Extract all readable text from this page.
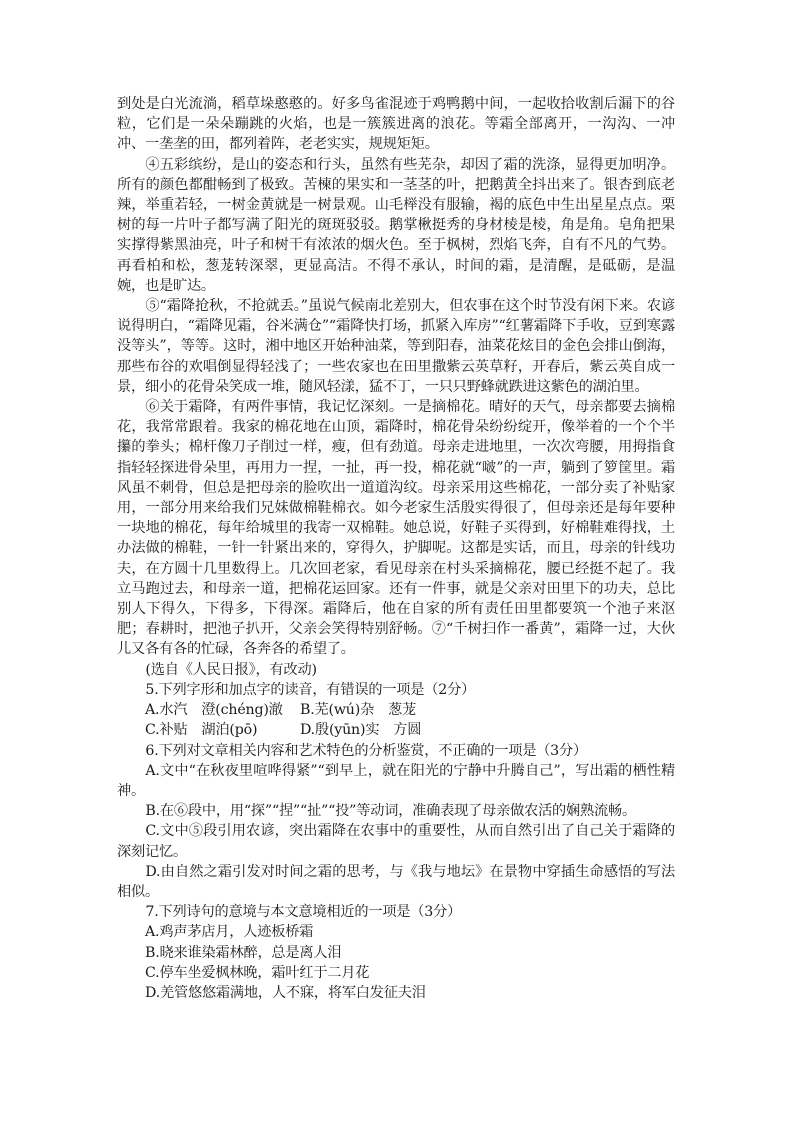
到处是白光流淌，稻草垛憨憨的。好多鸟雀混迹于鸡鸭鹅中间，一起收拾收割后漏下的谷粒，它们是一朵朵蹦跳的火焰，也是一簇簇进离的浪花。等霜全部离开，一沟沟、一冲冲、一垄垄的田，都列着阵，老老实实，规规矩矩。

④五彩缤纷，是山的姿态和行头，虽然有些芜杂，却因了霜的洗涤，显得更加明净。所有的颜色都酣畅到了极致。苦楝的果实和一茎茎的叶，把鹅黄全抖出来了。银杏到底老辣，举重若轻，一树金黄就是一树景观。山毛榉没有服输，褐的底色中生出星星点点。栗树的每一片叶子都写满了阳光的斑斑驳驳。鹅掌楸挺秀的身材棱是棱，角是角。皂角把果实撑得紫黑油亮，叶子和树干有浓浓的烟火色。至于枫树，烈焰飞奔，自有不凡的气势。再看柏和松，葱茏转深翠，更显高洁。不得不承认，时间的霜，是清醒，是砥砺，是温婉，也是旷达。

⑤“霜降抢秋，不抢就丢。”虽说气候南北差别大，但农事在这个时节没有闲下来。农谚说得明白，“霜降见霜，谷米满仓”“霜降快打场，抓紧入库房”“红薯霜降下手收，豆到寒露没等头”，等等。这时，湘中地区开始种油菜，等到阳春，油菜花炫目的金色会排山倒海，那些布谷的欢唱倒显得轻浅了；一些农家也在田里撒紫云英草籽，开春后，紫云英自成一景，细小的花骨朵笑成一堆，随风轻漾，猛不丁，一只只野蜂就跌进这紫色的湖泊里。

⑥关于霜降，有两件事情，我记忆深刻。一是摘棉花。晴好的天气，母亲都要去摘棉花，我常常跟着。我家的棉花地在山顶，霜降时，棉花骨朵纷纷绽开，像举着的一个个半攥的拳头；棉杆像刀子削过一样，瘦，但有劲道。母亲走进地里，一次次弯腰，用拇指食指轻轻探进骨朵里，再用力一捏，一扯，再一投，棉花就“啵”的一声，躺到了箩筐里。霜风虽不刺骨，但总是把母亲的脸吹出一道道沟纹。母亲采用这些棉花，一部分卖了补贴家用，一部分用来给我们兄妹做棉鞋棉衣。如今老家生活殷实得很了，但母亲还是每年要种一块地的棉花，每年给城里的我寄一双棉鞋。她总说，好鞋子买得到，好棉鞋难得找，土办法做的棉鞋，一针一针紧出来的，穿得久，护脚呢。这都是实话，而且，母亲的针线功夫，在方圆十几里数得上。几次回老家，看见母亲在村头采摘棉花，腰已经挺不起了。我立马跑过去，和母亲一道，把棉花运回家。还有一件事，就是父亲对田里下的功夫，总比别人下得久，下得多，下得深。霜降后，他在自家的所有责任田里都要筑一个池子来沤肥；春耕时，把池子扒开，父亲会笑得特别舒畅。⑦“千树扫作一番黄”，霜降一过，大伙儿又各有各的忙碌，各奔各的希望了。

(选自《人民日报》，有改动)

5.下列字形和加点字的读音，有错误的一项是（2分）

A.水汽　澄(chéng)澈	B.芜(wú)杂　葱茏
C.补贴　湖泊(pō)	D.殷(yūn)实　方圆

6.下列对文章相关内容和艺术特色的分析鉴赏，不正确的一项是（3分）

A.文中“在秋夜里喧哗得紧”“到早上，就在阳光的宁静中升腾自己”，写出霜的栖性精神。

B.在⑥段中，用“探”“捏”“扯”“投”等动词，准确表现了母亲做农活的娴熟流畅。

C.文中⑤段引用农谚，突出霜降在农事中的重要性，从而自然引出了自己关于霜降的深刻记忆。

D.由自然之霜引发对时间之霜的思考，与《我与地坛》在景物中穿插生命感悟的写法相似。

7.下列诗句的意境与本文意境相近的一项是（3分）

A.鸡声茅店月，人迹板桥霜

B.晓来谁染霜林醉，总是离人泪

C.停车坐爱枫林晚，霜叶红于二月花

D.羌管悠悠霜满地，人不寐，将军白发征夫泪
